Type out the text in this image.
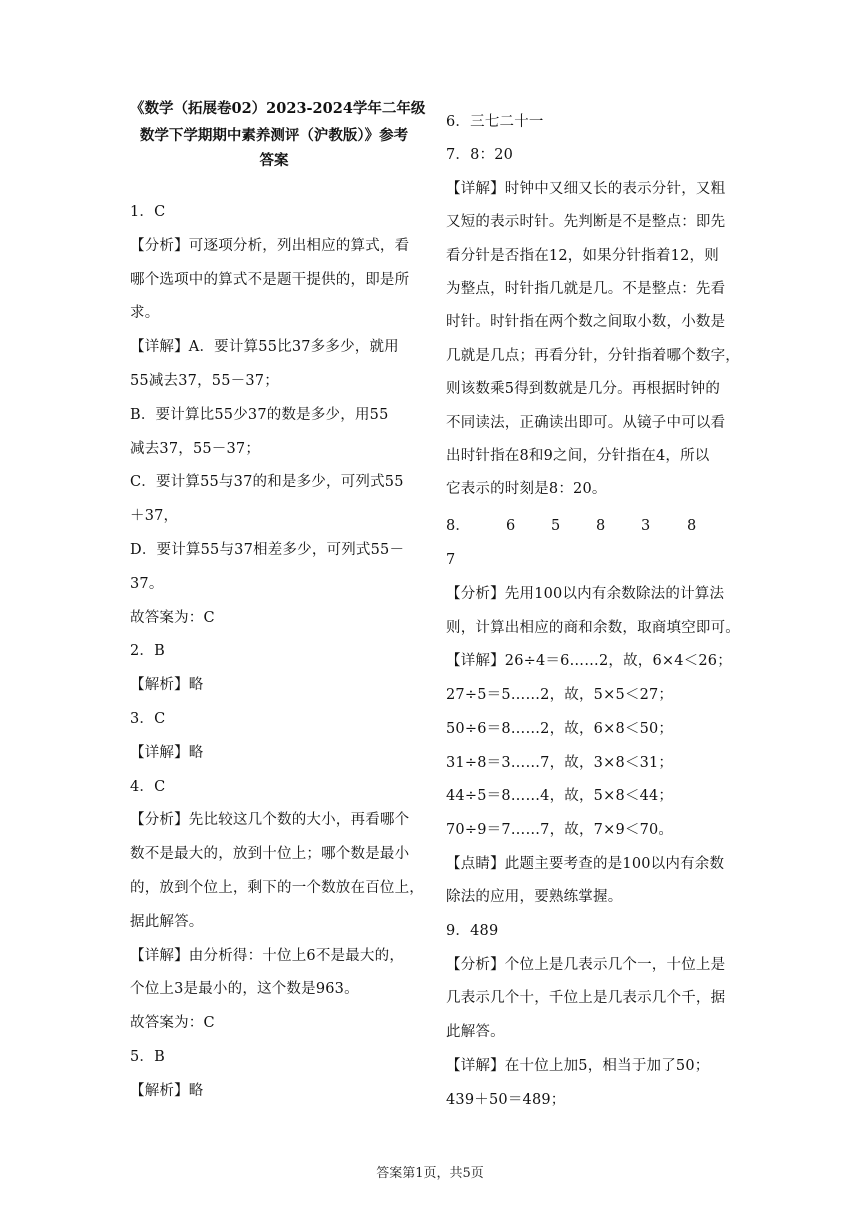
《数学（拓展卷02）2023-2024学年二年级
数学下学期期中素养测评（沪教版）》参考
答案
1．C
【分析】可逐项分析，列出相应的算式，看
哪个选项中的算式不是题干提供的，即是所
求。
【详解】A．要计算55比37多多少，就用
55减去37，55－37；
B．要计算比55少37的数是多少，用55
减去37，55－37；
C．要计算55与37的和是多少，可列式55
＋37，
D．要计算55与37相差多少，可列式55－
37。
故答案为：C
2．B
【解析】略
3．C
【详解】略
4．C
【分析】先比较这几个数的大小，再看哪个
数不是最大的，放到十位上；哪个数是最小
的，放到个位上，剩下的一个数放在百位上，
据此解答。
【详解】由分析得：十位上6不是最大的，
个位上3是最小的，这个数是963。
故答案为：C
5．B
【解析】略
6．三七二十一
7．8：20
【详解】时钟中又细又长的表示分针，又粗
又短的表示时针。先判断是不是整点：即先
看分针是否指在12，如果分针指着12，则
为整点，时针指几就是几。不是整点：先看
时针。时针指在两个数之间取小数，小数是
几就是几点；再看分针，分针指着哪个数字，
则该数乘5得到数就是几分。再根据时钟的
不同读法，正确读出即可。从镜子中可以看
出时针指在8和9之间，分针指在4，所以
它表示的时刻是8：20。
8． 6 5 8 3	8
7
【分析】先用100以内有余数除法的计算法
则，计算出相应的商和余数，取商填空即可。
【详解】26÷4＝6……2，故，6×4＜26；
27÷5＝5……2，故，5×5＜27；
50÷6＝8……2，故，6×8＜50；
31÷8＝3……7，故，3×8＜31；
44÷5＝8……4，故，5×8＜44；
70÷9＝7……7，故，7×9＜70。
【点睛】此题主要考查的是100以内有余数
除法的应用，要熟练掌握。
9．489
【分析】个位上是几表示几个一，十位上是
几表示几个十，千位上是几表示几个千，据
此解答。
【详解】在十位上加5，相当于加了50；
439＋50＝489；
答案第1页，共5页
